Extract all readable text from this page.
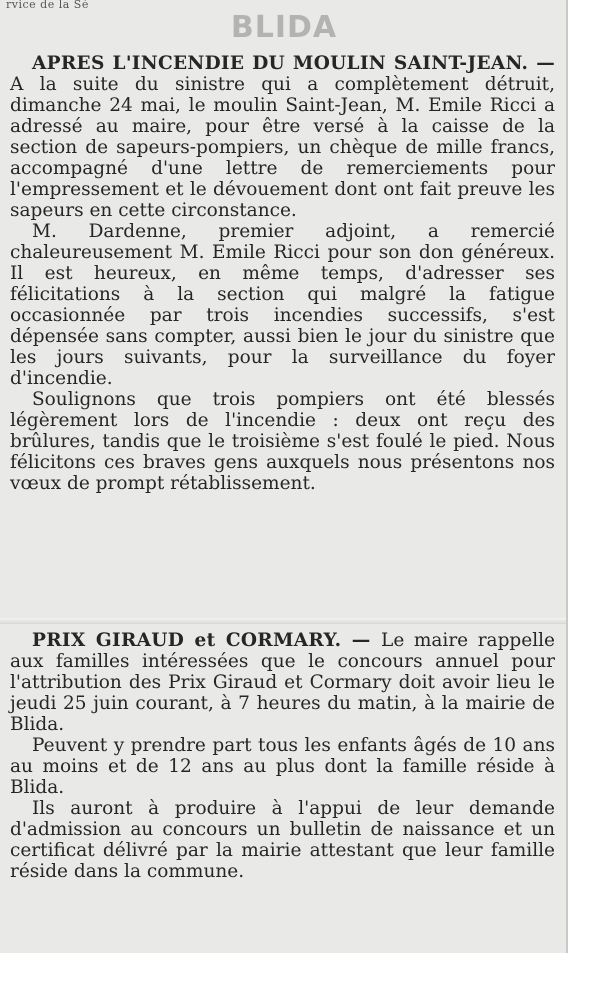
rvice de la Sé
BLIDA

APRES L'INCENDIE DU MOULIN SAINT-JEAN. — A la suite du sinistre qui a complètement détruit, dimanche 24 mai, le moulin Saint-Jean, M. Emile Ricci a adressé au maire, pour être versé à la caisse de la section de sapeurs-pompiers, un chèque de mille francs, accompagné d'une lettre de remerciements pour l'empressement et le dévouement dont ont fait preuve les sapeurs en cette circonstance.

M. Dardenne, premier adjoint, a remercié chaleureusement M. Emile Ricci pour son don généreux. Il est heureux, en même temps, d'adresser ses félicitations à la section qui malgré la fatigue occasionnée par trois incendies successifs, s'est dépensée sans compter, aussi bien le jour du sinistre que les jours suivants, pour la surveillance du foyer d'incendie.

Soulignons que trois pompiers ont été blessés légèrement lors de l'incendie : deux ont reçu des brûlures, tandis que le troisième s'est foulé le pied. Nous félicitons ces braves gens auxquels nous présentons nos vœux de prompt rétablissement.

PRIX GIRAUD et CORMARY. — Le maire rappelle aux familles intéressées que le concours annuel pour l'attribution des Prix Giraud et Cormary doit avoir lieu le jeudi 25 juin courant, à 7 heures du matin, à la mairie de Blida.

Peuvent y prendre part tous les enfants âgés de 10 ans au moins et de 12 ans au plus dont la famille réside à Blida.

Ils auront à produire à l'appui de leur demande d'admission au concours un bulletin de naissance et un certificat délivré par la mairie attestant que leur famille réside dans la commune.
